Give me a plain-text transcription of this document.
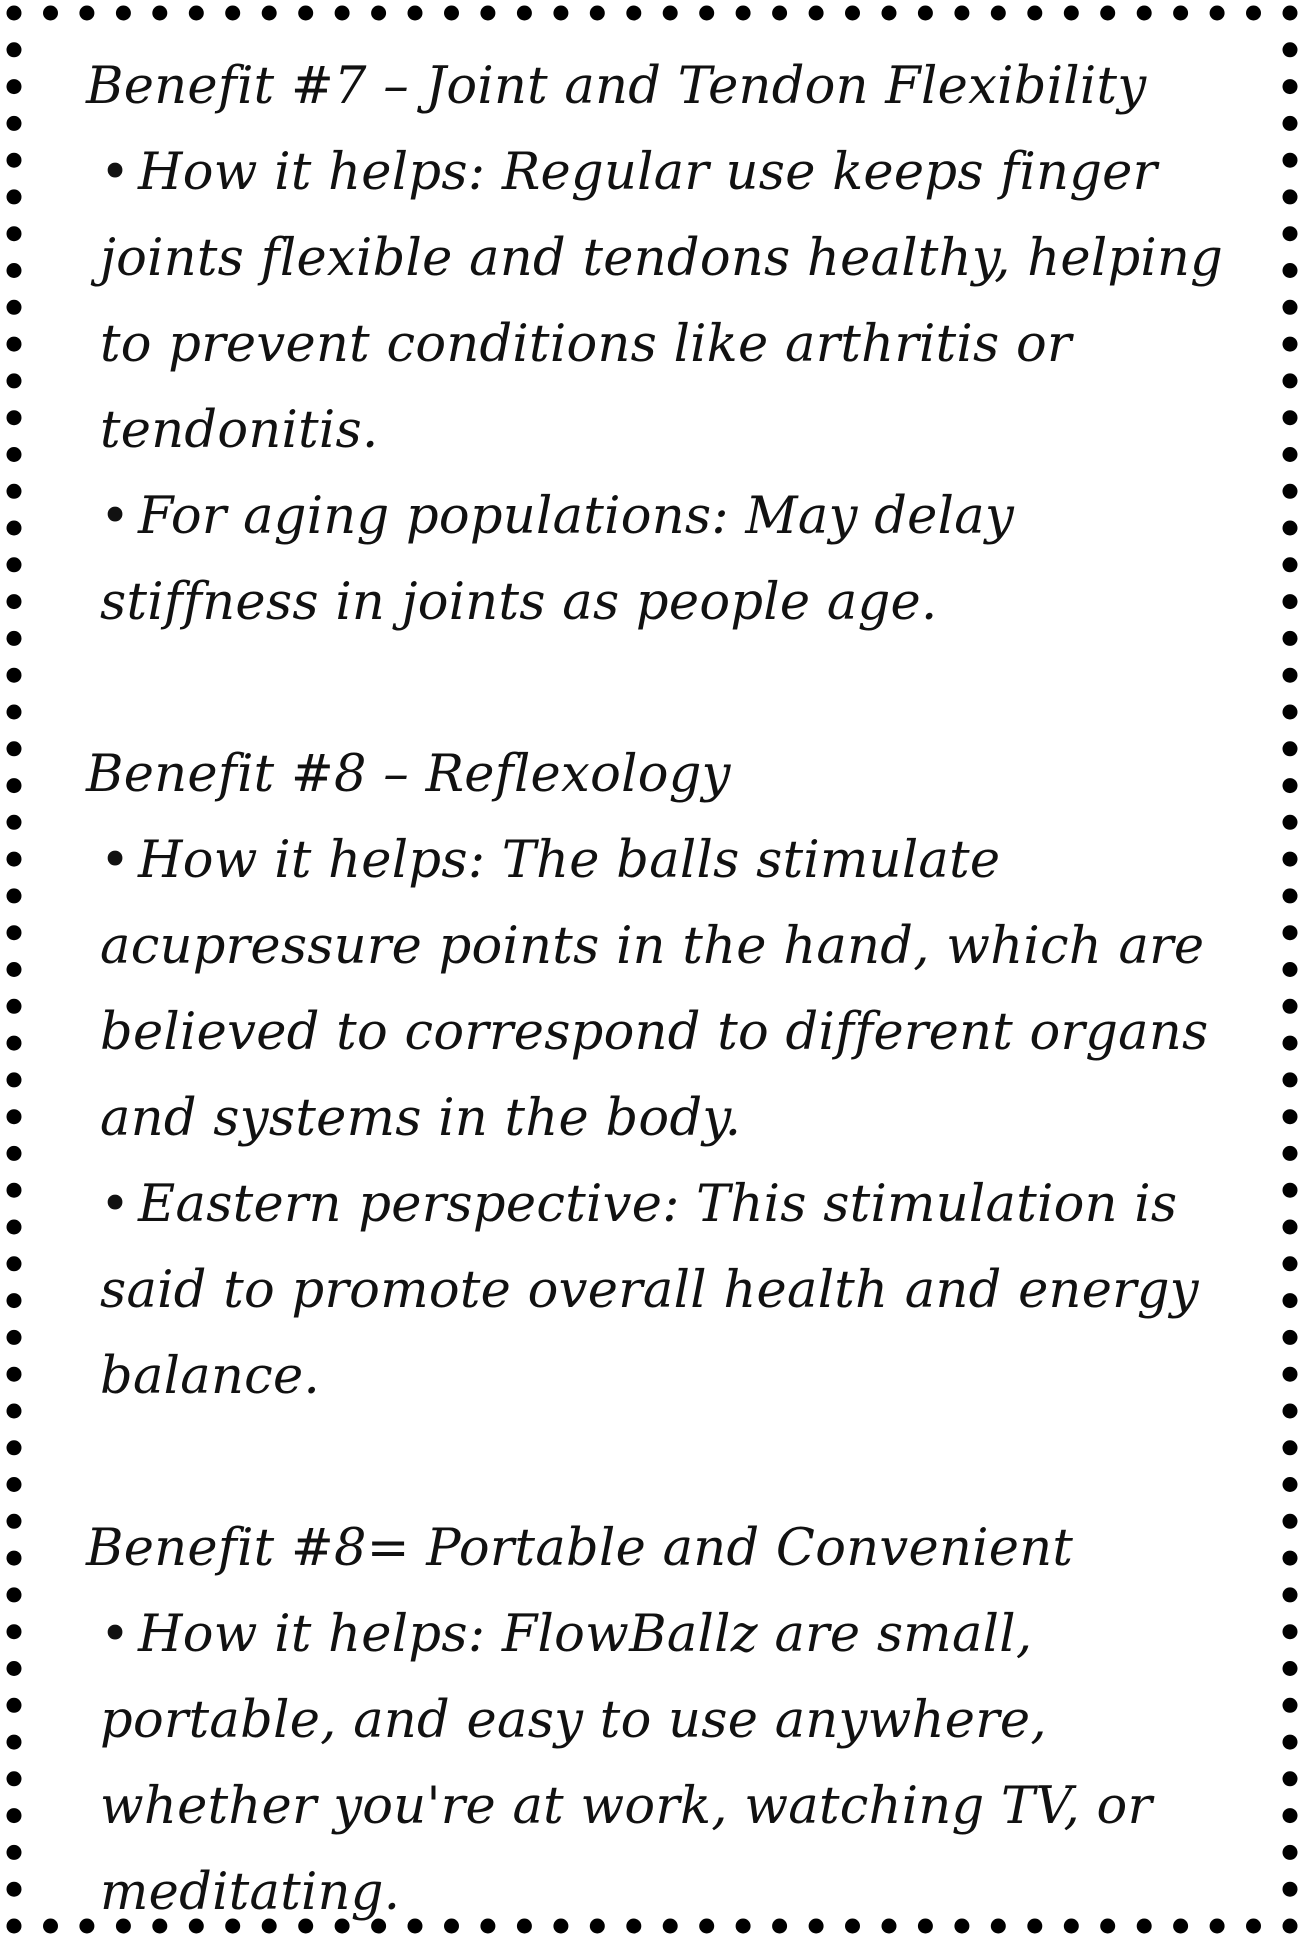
Benefit #7 – Joint and Tendon Flexibility
• How it helps: Regular use keeps finger joints flexible and tendons healthy, helping to prevent conditions like arthritis or tendonitis.
• For aging populations: May delay stiffness in joints as people age.
Benefit #8 – Reflexology
• How it helps: The balls stimulate acupressure points in the hand, which are believed to correspond to different organs and systems in the body.
• Eastern perspective: This stimulation is said to promote overall health and energy balance.
Benefit #8= Portable and Convenient
• How it helps: FlowBallz are small, portable, and easy to use anywhere, whether you're at work, watching TV, or meditating.
